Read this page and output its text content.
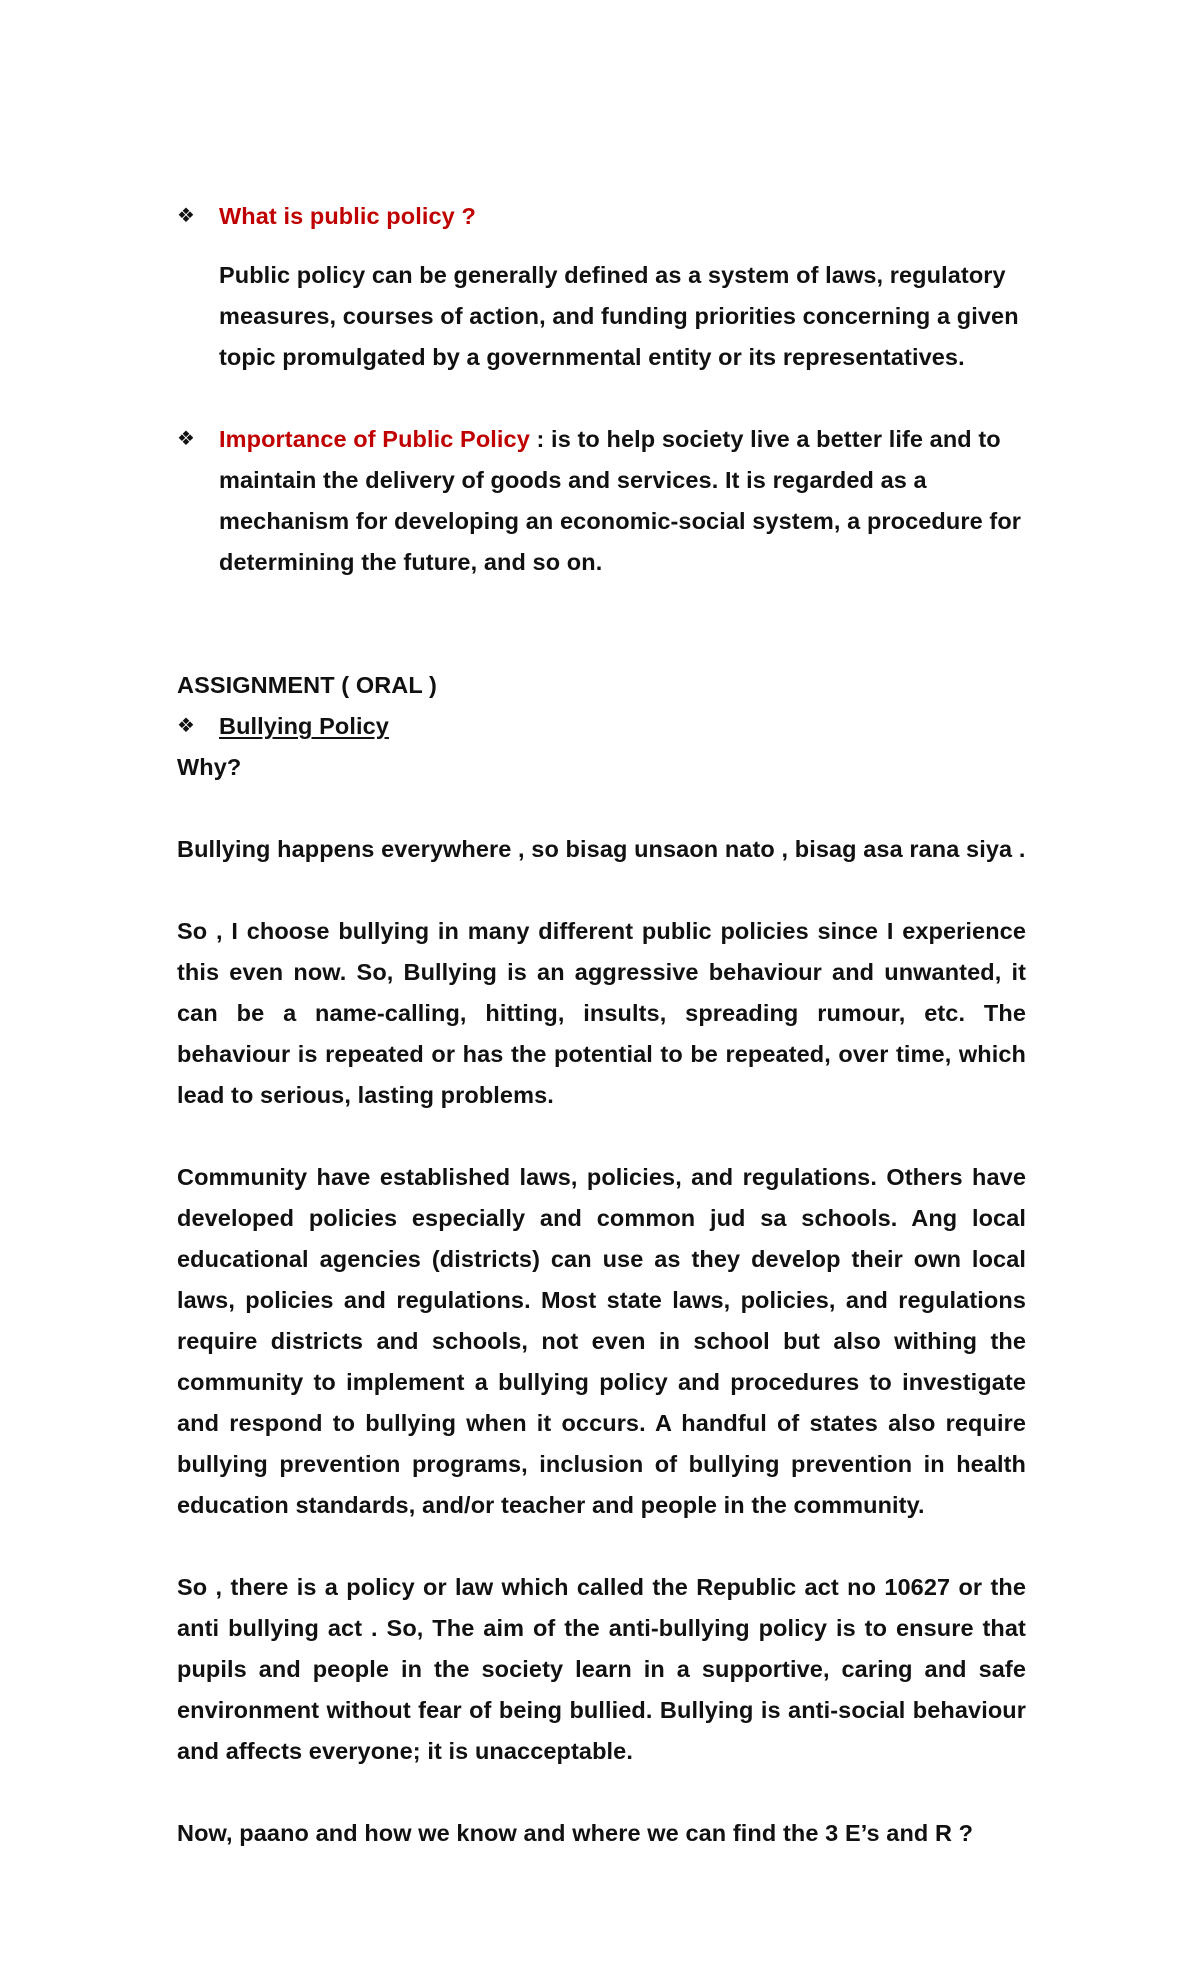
❖	What is public policy ?

Public policy can be generally defined as a system of laws, regulatory measures, courses of action, and funding priorities concerning a given topic promulgated by a governmental entity or its representatives.

❖	Importance of Public Policy : is to help society live a better life and to maintain the delivery of goods and services. It is regarded as a mechanism for developing an economic-social system, a procedure for determining the future, and so on.

ASSIGNMENT ( ORAL )

❖	Bullying Policy

Why?

Bullying happens everywhere , so bisag unsaon nato , bisag asa rana siya .

So , I choose bullying in many different public policies since I experience this even now. So, Bullying is an aggressive behaviour and unwanted, it can be a name-calling, hitting, insults, spreading rumour, etc. The behaviour is repeated or has the potential to be repeated, over time, which lead to serious, lasting problems.

Community have established laws, policies, and regulations. Others have developed policies especially and common jud sa schools. Ang local educational agencies (districts) can use as they develop their own local laws, policies and regulations. Most state laws, policies, and regulations require districts and schools, not even in school but also withing the community to implement a bullying policy and procedures to investigate and respond to bullying when it occurs. A handful of states also require bullying prevention programs, inclusion of bullying prevention in health education standards, and/or teacher and people in the community.

So , there is a policy or law which called the Republic act no 10627 or the anti bullying act . So, The aim of the anti-bullying policy is to ensure that pupils and people in the society learn in a supportive, caring and safe environment without fear of being bullied. Bullying is anti-social behaviour and affects everyone; it is unacceptable.

Now, paano and how we know and where we can find the 3 E’s and R ?
